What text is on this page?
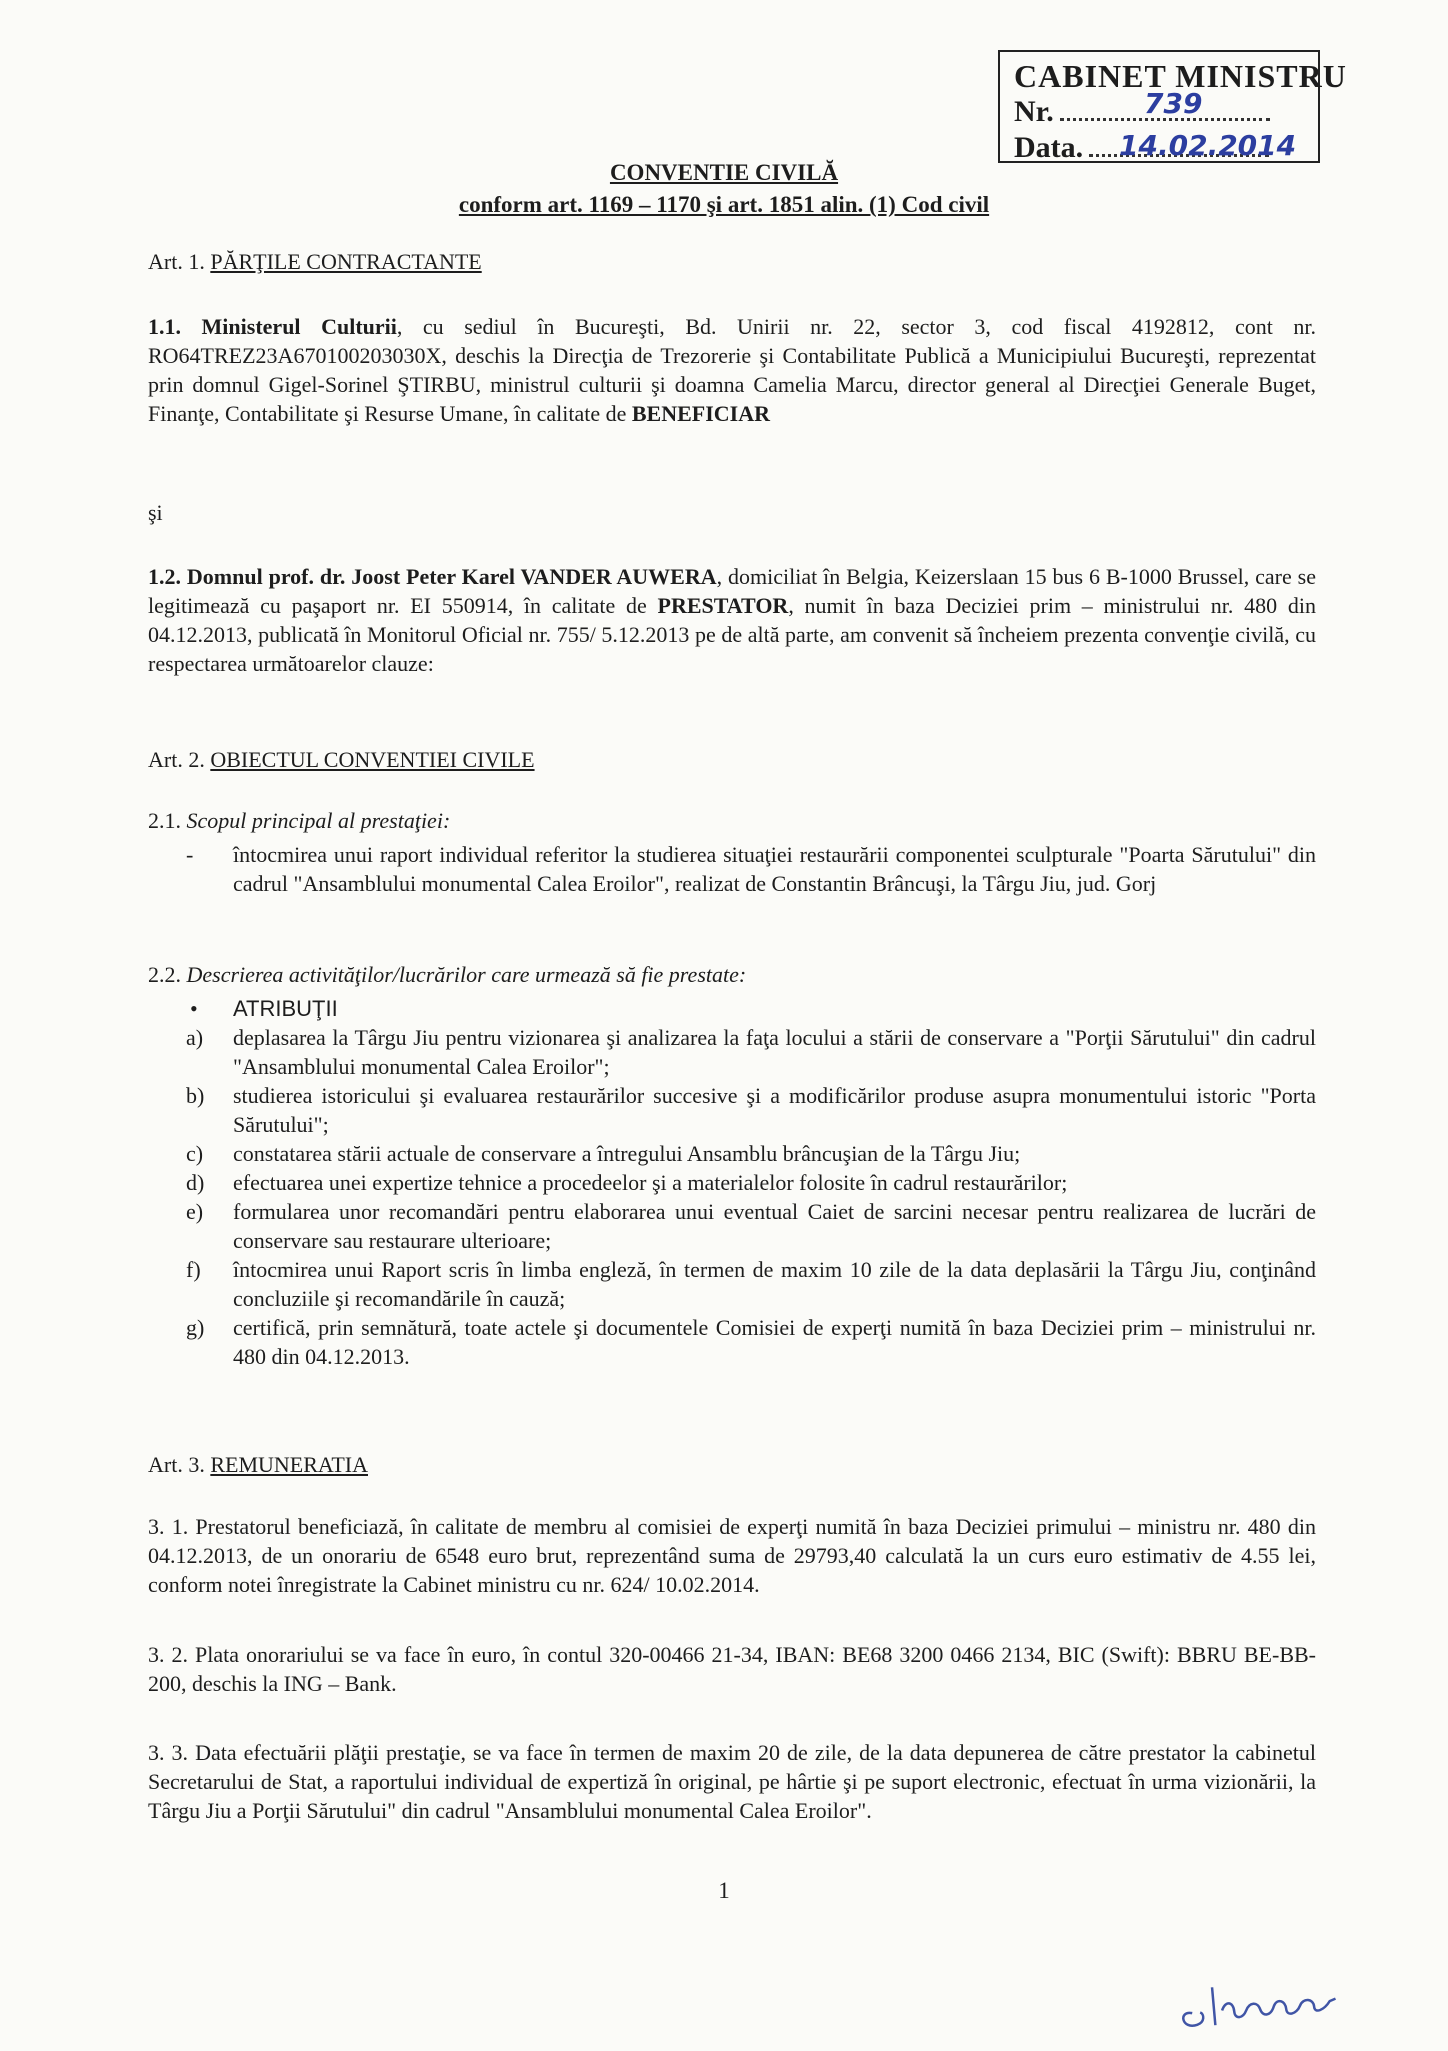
CABINET MINISTRU
Nr.	739
Data. 14.02.2014
CONVENTIE CIVILĂ
conform art. 1169 – 1170 şi art. 1851 alin. (1) Cod civil
Art. 1. PĂRŢILE CONTRACTANTE
1.1. Ministerul Culturii, cu sediul în Bucureşti, Bd. Unirii nr. 22, sector 3, cod fiscal 4192812, cont nr. RO64TREZ23A670100203030X, deschis la Direcţia de Trezorerie şi Contabilitate Publică a Municipiului Bucureşti, reprezentat prin domnul Gigel-Sorinel ŞTIRBU, ministrul culturii şi doamna Camelia Marcu, director general al Direcţiei Generale Buget, Finanţe, Contabilitate şi Resurse Umane, în calitate de BENEFICIAR
şi
1.2. Domnul prof. dr. Joost Peter Karel VANDER AUWERA, domiciliat în Belgia, Keizerslaan 15 bus 6 B-1000 Brussel, care se legitimează cu paşaport nr. EI 550914, în calitate de PRESTATOR, numit în baza Deciziei prim – ministrului nr. 480 din 04.12.2013, publicată în Monitorul Oficial nr. 755/ 5.12.2013 pe de altă parte, am convenit să încheiem prezenta convenţie civilă, cu respectarea următoarelor clauze:
Art. 2. OBIECTUL CONVENTIEI CIVILE
2.1. Scopul principal al prestaţiei:
-	întocmirea unui raport individual referitor la studierea situaţiei restaurării componentei sculpturale "Poarta Sărutului" din cadrul "Ansamblului monumental Calea Eroilor", realizat de Constantin Brâncuşi, la Târgu Jiu, jud. Gorj
2.2. Descrierea activităţilor/lucrărilor care urmează să fie prestate:
•	ATRIBUŢII
a)	deplasarea la Târgu Jiu pentru vizionarea şi analizarea la faţa locului a stării de conservare a "Porţii Sărutului" din cadrul "Ansamblului monumental Calea Eroilor";
b)	studierea istoricului şi evaluarea restaurărilor succesive şi a modificărilor produse asupra monumentului istoric "Porta Sărutului";
c)	constatarea stării actuale de conservare a întregului Ansamblu brâncuşian de la Târgu Jiu;
d)	efectuarea unei expertize tehnice a procedeelor şi a materialelor folosite în cadrul restaurărilor;
e)	formularea unor recomandări pentru elaborarea unui eventual Caiet de sarcini necesar pentru realizarea de lucrări de conservare sau restaurare ulterioare;
f)	întocmirea unui Raport scris în limba engleză, în termen de maxim 10 zile de la data deplasării la Târgu Jiu, conţinând concluziile şi recomandările în cauză;
g)	certifică, prin semnătură, toate actele şi documentele Comisiei de experţi numită în baza Deciziei prim – ministrului nr. 480 din 04.12.2013.
Art. 3. REMUNERATIA
3. 1. Prestatorul beneficiază, în calitate de membru al comisiei de experţi numită în baza Deciziei primului – ministru nr. 480 din 04.12.2013, de un onorariu de 6548 euro brut, reprezentând suma de 29793,40 calculată la un curs euro estimativ de 4.55 lei, conform notei înregistrate la Cabinet ministru cu nr. 624/ 10.02.2014.
3. 2. Plata onorariului se va face în euro, în contul 320-00466 21-34, IBAN: BE68 3200 0466 2134, BIC (Swift): BBRU BE-BB-200, deschis la ING – Bank.
3. 3. Data efectuării plăţii prestaţie, se va face în termen de maxim 20 de zile, de la data depunerea de către prestator la cabinetul Secretarului de Stat, a raportului individual de expertiză în original, pe hârtie şi pe suport electronic, efectuat în urma vizionării, la Târgu Jiu a Porţii Sărutului" din cadrul "Ansamblului monumental Calea Eroilor".
1
